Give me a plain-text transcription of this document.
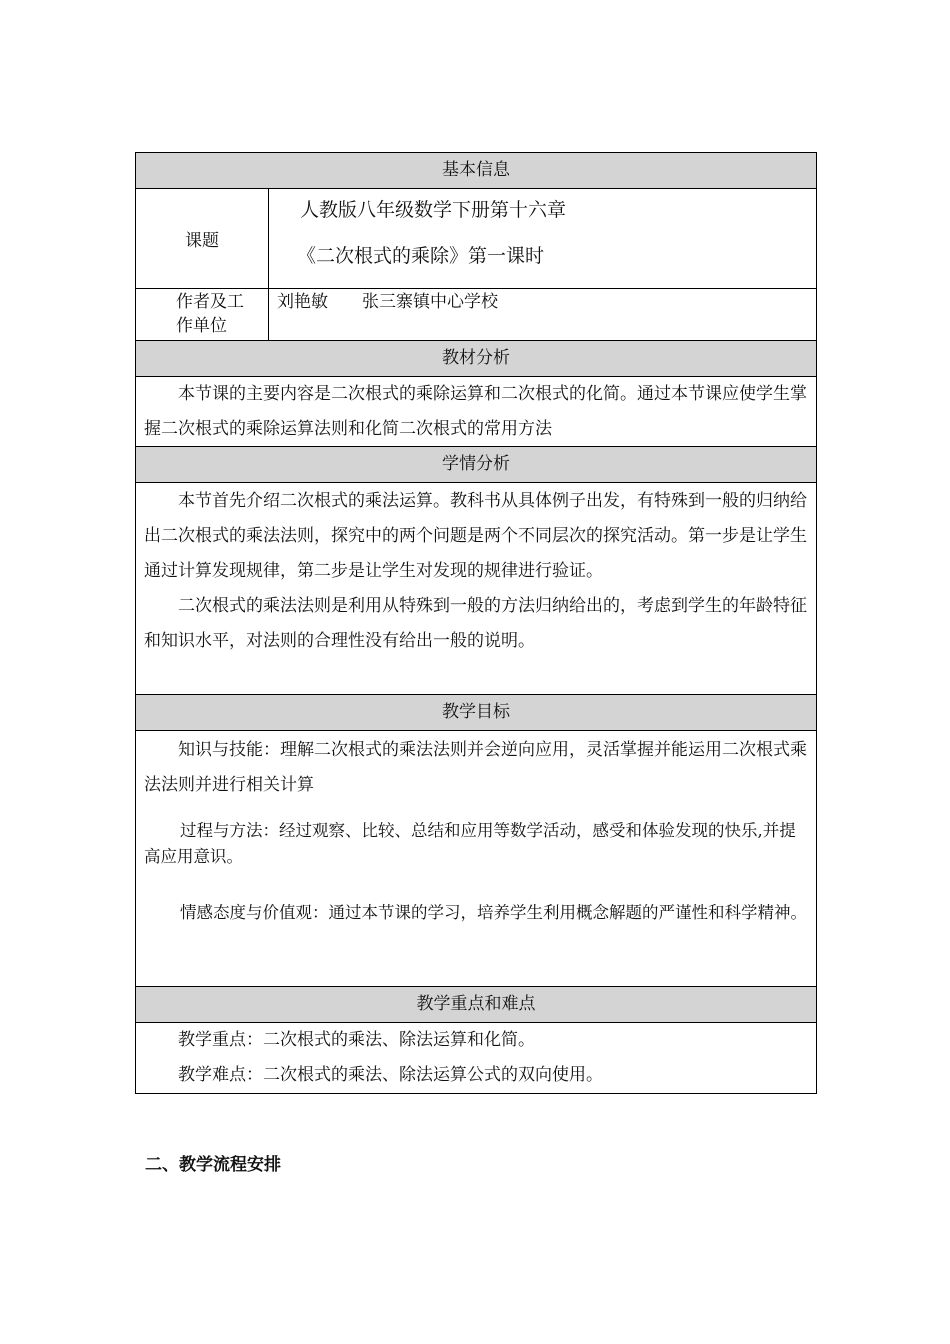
基本信息
课题
人教版八年级数学下册第十六章
《二次根式的乘除》第一课时
作者及工
作单位
刘艳敏 张三寨镇中心学校
教材分析
本节课的主要内容是二次根式的乘除运算和二次根式的化简。通过本节课应使学生掌握二次根式的乘除运算法则和化简二次根式的常用方法
学情分析
本节首先介绍二次根式的乘法运算。教科书从具体例子出发，有特殊到一般的归纳给出二次根式的乘法法则，探究中的两个问题是两个不同层次的探究活动。第一步是让学生通过计算发现规律，第二步是让学生对发现的规律进行验证。
二次根式的乘法法则是利用从特殊到一般的方法归纳给出的，考虑到学生的年龄特征和知识水平，对法则的合理性没有给出一般的说明。
教学目标
知识与技能：理解二次根式的乘法法则并会逆向应用，灵活掌握并能运用二次根式乘法法则并进行相关计算
过程与方法：经过观察、比较、总结和应用等数学活动，感受和体验发现的快乐,并提高应用意识。
情感态度与价值观：通过本节课的学习，培养学生利用概念解题的严谨性和科学精神。
教学重点和难点
教学重点：二次根式的乘法、除法运算和化简。
教学难点：二次根式的乘法、除法运算公式的双向使用。
二、教学流程安排
